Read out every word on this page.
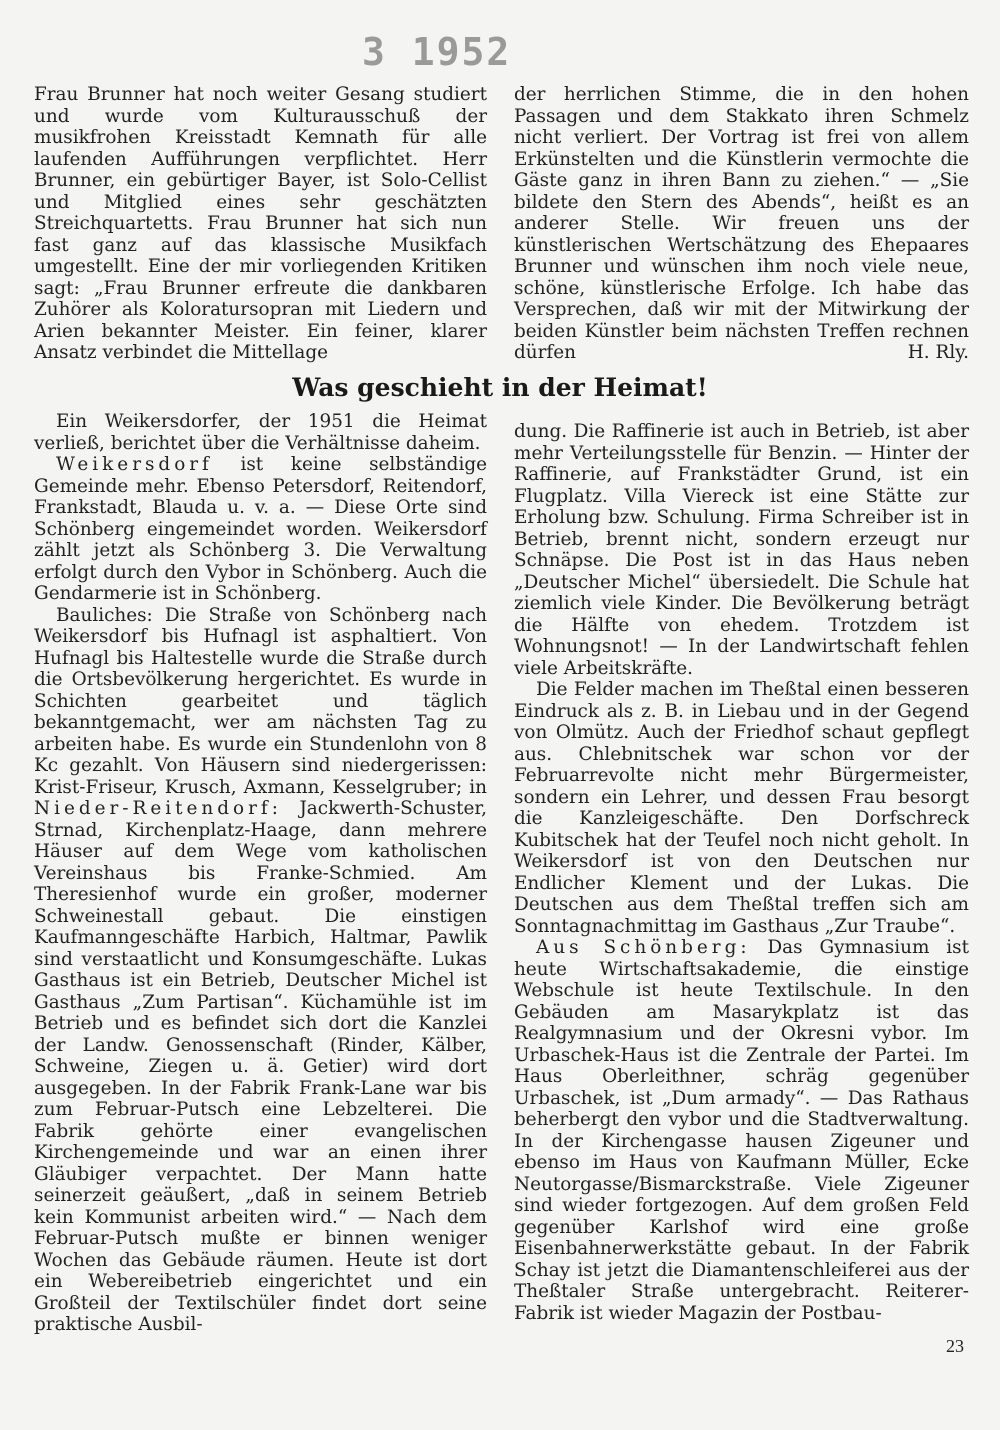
3 1952

Frau Brunner hat noch weiter Gesang studiert und wurde vom Kulturausschuß der musikfrohen Kreisstadt Kemnath für alle laufenden Aufführungen verpflichtet. Herr Brunner, ein gebürtiger Bayer, ist Solo-Cellist und Mitglied eines sehr geschätzten Streichquartetts. Frau Brunner hat sich nun fast ganz auf das klassische Musikfach umgestellt. Eine der mir vorliegenden Kritiken sagt: „Frau Brunner erfreute die dankbaren Zuhörer als Koloratursopran mit Liedern und Arien bekannter Meister. Ein feiner, klarer Ansatz verbindet die Mittellage

der herrlichen Stimme, die in den hohen Passagen und dem Stakkato ihren Schmelz nicht verliert. Der Vortrag ist frei von allem Erkünstelten und die Künstlerin vermochte die Gäste ganz in ihren Bann zu ziehen.“ — „Sie bildete den Stern des Abends“, heißt es an anderer Stelle. Wir freuen uns der künstlerischen Wertschätzung des Ehepaares Brunner und wünschen ihm noch viele neue, schöne, künstlerische Erfolge. Ich habe das Versprechen, daß wir mit der Mitwirkung der beiden Künstler beim nächsten Treffen rechnen dürfen	H. Rly.

Was geschieht in der Heimat!

Ein Weikersdorfer, der 1951 die Heimat verließ, berichtet über die Verhältnisse daheim.

Weikersdorf ist keine selbständige Gemeinde mehr. Ebenso Petersdorf, Reitendorf, Frankstadt, Blauda u. v. a. — Diese Orte sind Schönberg eingemeindet worden. Weikersdorf zählt jetzt als Schönberg 3. Die Verwaltung erfolgt durch den Vybor in Schönberg. Auch die Gendarmerie ist in Schönberg.

Bauliches: Die Straße von Schönberg nach Weikersdorf bis Hufnagl ist asphaltiert. Von Hufnagl bis Haltestelle wurde die Straße durch die Ortsbevölkerung hergerichtet. Es wurde in Schichten gearbeitet und täglich bekanntgemacht, wer am nächsten Tag zu arbeiten habe. Es wurde ein Stundenlohn von 8 Kc gezahlt. Von Häusern sind niedergerissen: Krist-Friseur, Krusch, Axmann, Kesselgruber; in Nieder-Reitendorf: Jackwerth-Schuster, Strnad, Kirchenplatz-Haage, dann mehrere Häuser auf dem Wege vom katholischen Vereinshaus bis Franke-Schmied. Am Theresienhof wurde ein großer, moderner Schweinestall gebaut. Die einstigen Kaufmanngeschäfte Harbich, Haltmar, Pawlik sind verstaatlicht und Konsumgeschäfte. Lukas Gasthaus ist ein Betrieb, Deutscher Michel ist Gasthaus „Zum Partisan“. Küchamühle ist im Betrieb und es befindet sich dort die Kanzlei der Landw. Genossenschaft (Rinder, Kälber, Schweine, Ziegen u. ä. Getier) wird dort ausgegeben. In der Fabrik Frank-Lane war bis zum Februar-Putsch eine Lebzelterei. Die Fabrik gehörte einer evangelischen Kirchengemeinde und war an einen ihrer Gläubiger verpachtet. Der Mann hatte seinerzeit geäußert, „daß in seinem Betrieb kein Kommunist arbeiten wird.“ — Nach dem Februar-Putsch mußte er binnen weniger Wochen das Gebäude räumen. Heute ist dort ein Webereibetrieb eingerichtet und ein Großteil der Textilschüler findet dort seine praktische Ausbil-

dung. Die Raffinerie ist auch in Betrieb, ist aber mehr Verteilungsstelle für Benzin. — Hinter der Raffinerie, auf Frankstädter Grund, ist ein Flugplatz. Villa Viereck ist eine Stätte zur Erholung bzw. Schulung. Firma Schreiber ist in Betrieb, brennt nicht, sondern erzeugt nur Schnäpse. Die Post ist in das Haus neben „Deutscher Michel“ übersiedelt. Die Schule hat ziemlich viele Kinder. Die Bevölkerung beträgt die Hälfte von ehedem. Trotzdem ist Wohnungsnot! — In der Landwirtschaft fehlen viele Arbeitskräfte.

Die Felder machen im Theßtal einen besseren Eindruck als z. B. in Liebau und in der Gegend von Olmütz. Auch der Friedhof schaut gepflegt aus. Chlebnitschek war schon vor der Februarrevolte nicht mehr Bürgermeister, sondern ein Lehrer, und dessen Frau besorgt die Kanzleigeschäfte. Den Dorfschreck Kubitschek hat der Teufel noch nicht geholt. In Weikersdorf ist von den Deutschen nur Endlicher Klement und der Lukas. Die Deutschen aus dem Theßtal treffen sich am Sonntagnachmittag im Gasthaus „Zur Traube“.

Aus Schönberg: Das Gymnasium ist heute Wirtschaftsakademie, die einstige Webschule ist heute Textilschule. In den Gebäuden am Masarykplatz ist das Realgymnasium und der Okresni vybor. Im Urbaschek-Haus ist die Zentrale der Partei. Im Haus Oberleithner, schräg gegenüber Urbaschek, ist „Dum armady“. — Das Rathaus beherbergt den vybor und die Stadtverwaltung. In der Kirchengasse hausen Zigeuner und ebenso im Haus von Kaufmann Müller, Ecke Neutorgasse/Bismarckstraße. Viele Zigeuner sind wieder fortgezogen. Auf dem großen Feld gegenüber Karlshof wird eine große Eisenbahnerwerkstätte gebaut. In der Fabrik Schay ist jetzt die Diamantenschleiferei aus der Theßtaler Straße untergebracht. Reiterer-Fabrik ist wieder Magazin der Postbau-

23
